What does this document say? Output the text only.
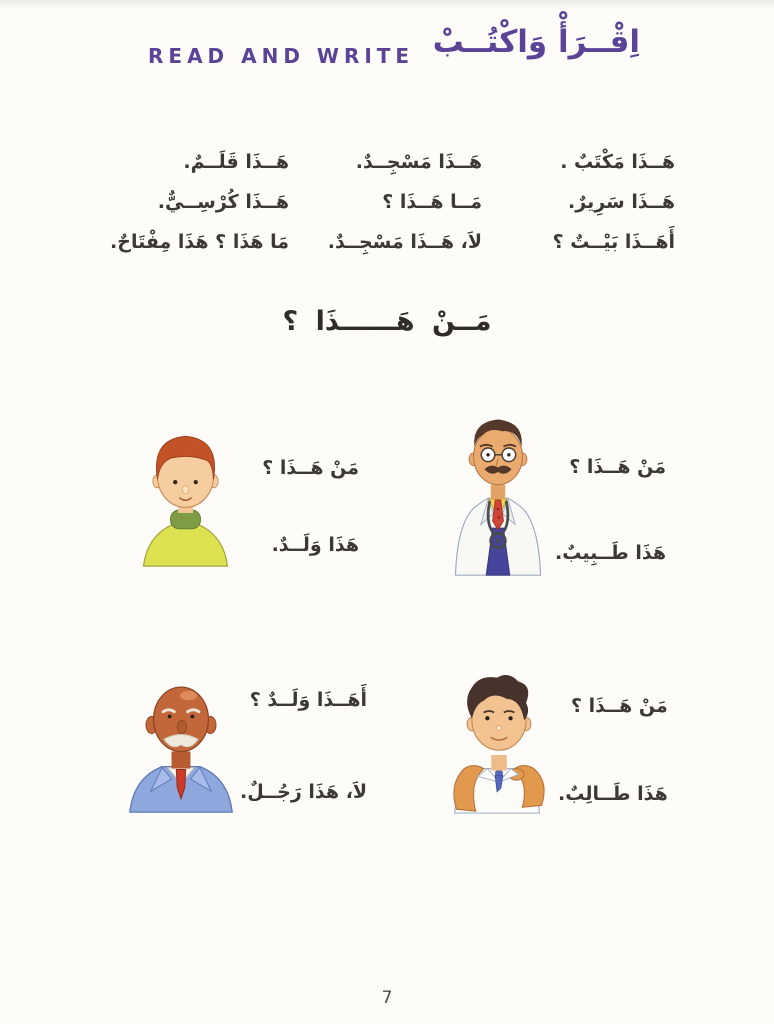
READ AND WRITE اِقْــرَأْ وَاكْتُــبْ
هَــذَا مَكْتَبٌ .
هَــذَا مَسْجِــدٌ.
هَــذَا قَلَــمٌ.
هَــذَا سَرِيرٌ.
مَــا هَــذَا ؟
هَــذَا كُرْسِــيٌّ.
أَهَــذَا بَيْــتٌ ؟
لاَ، هَــذَا مَسْجِــدٌ.
مَا هَذَا ؟ هَذَا مِفْتَاحٌ.
مَــنْ هَــــــذَا ؟
مَنْ هَــذَا ؟
هَذَا وَلَــدٌ.
مَنْ هَــذَا ؟
هَذَا طَــبِيبٌ.
أَهَــذَا وَلَــدٌ ؟
لاَ، هَذَا رَجُــلٌ.
مَنْ هَــذَا ؟
هَذَا طَــالِبٌ.
7
